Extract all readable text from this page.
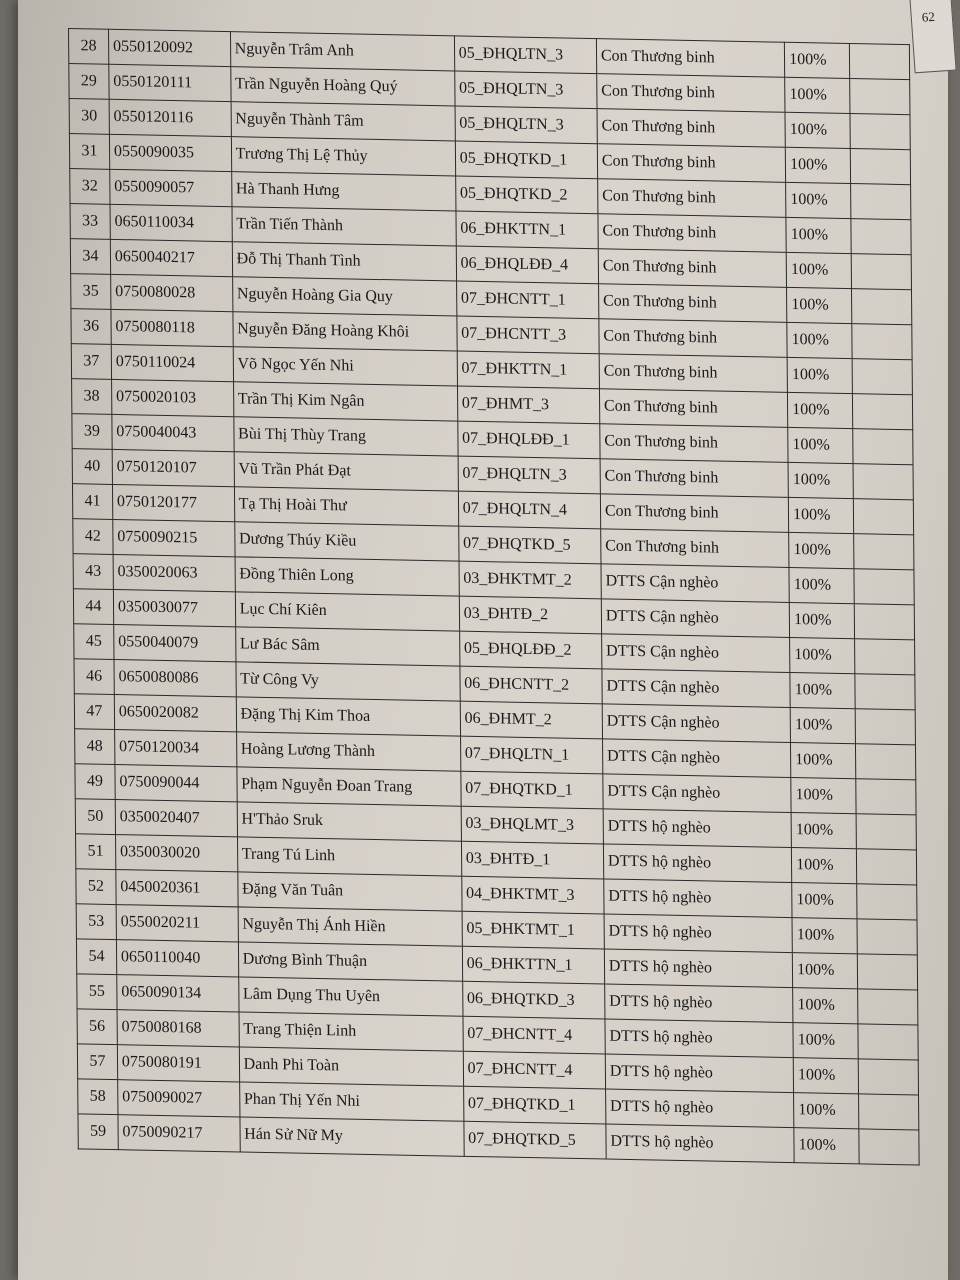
62
28	0550120092	Nguyễn Trâm Anh	05_ĐHQLTN_3	Con Thương binh	100%	
29	0550120111	Trần Nguyễn Hoàng Quý	05_ĐHQLTN_3	Con Thương binh	100%	
30	0550120116	Nguyễn Thành Tâm	05_ĐHQLTN_3	Con Thương binh	100%	
31	0550090035	Trương Thị Lệ Thủy	05_ĐHQTKD_1	Con Thương binh	100%	
32	0550090057	Hà Thanh Hưng	05_ĐHQTKD_2	Con Thương binh	100%	
33	0650110034	Trần Tiến Thành	06_ĐHKTTN_1	Con Thương binh	100%	
34	0650040217	Đỗ Thị Thanh Tình	06_ĐHQLĐĐ_4	Con Thương binh	100%	
35	0750080028	Nguyễn Hoàng Gia Quy	07_ĐHCNTT_1	Con Thương binh	100%	
36	0750080118	Nguyễn Đăng Hoàng Khôi	07_ĐHCNTT_3	Con Thương binh	100%	
37	0750110024	Võ Ngọc Yến Nhi	07_ĐHKTTN_1	Con Thương binh	100%	
38	0750020103	Trần Thị Kim Ngân	07_ĐHMT_3	Con Thương binh	100%	
39	0750040043	Bùi Thị Thùy Trang	07_ĐHQLĐĐ_1	Con Thương binh	100%	
40	0750120107	Vũ Trần Phát Đạt	07_ĐHQLTN_3	Con Thương binh	100%	
41	0750120177	Tạ Thị Hoài Thư	07_ĐHQLTN_4	Con Thương binh	100%	
42	0750090215	Dương Thúy Kiều	07_ĐHQTKD_5	Con Thương binh	100%	
43	0350020063	Đồng Thiên Long	03_ĐHKTMT_2	DTTS Cận nghèo	100%	
44	0350030077	Lục Chí Kiên	03_ĐHTĐ_2	DTTS Cận nghèo	100%	
45	0550040079	Lư Bác Sâm	05_ĐHQLĐĐ_2	DTTS Cận nghèo	100%	
46	0650080086	Từ Công Vy	06_ĐHCNTT_2	DTTS Cận nghèo	100%	
47	0650020082	Đặng Thị Kim Thoa	06_ĐHMT_2	DTTS Cận nghèo	100%	
48	0750120034	Hoàng Lương Thành	07_ĐHQLTN_1	DTTS Cận nghèo	100%	
49	0750090044	Phạm Nguyễn Đoan Trang	07_ĐHQTKD_1	DTTS Cận nghèo	100%	
50	0350020407	H'Thảo Sruk	03_ĐHQLMT_3	DTTS hộ nghèo	100%	
51	0350030020	Trang Tú Linh	03_ĐHTĐ_1	DTTS hộ nghèo	100%	
52	0450020361	Đặng Văn Tuân	04_ĐHKTMT_3	DTTS hộ nghèo	100%	
53	0550020211	Nguyễn Thị Ánh Hiền	05_ĐHKTMT_1	DTTS hộ nghèo	100%	
54	0650110040	Dương Bình Thuận	06_ĐHKTTN_1	DTTS hộ nghèo	100%	
55	0650090134	Lâm Dụng Thu Uyên	06_ĐHQTKD_3	DTTS hộ nghèo	100%	
56	0750080168	Trang Thiện Linh	07_ĐHCNTT_4	DTTS hộ nghèo	100%	
57	0750080191	Danh Phi Toàn	07_ĐHCNTT_4	DTTS hộ nghèo	100%	
58	0750090027	Phan Thị Yến Nhi	07_ĐHQTKD_1	DTTS hộ nghèo	100%	
59	0750090217	Hán Sử Nữ My	07_ĐHQTKD_5	DTTS hộ nghèo	100%	
